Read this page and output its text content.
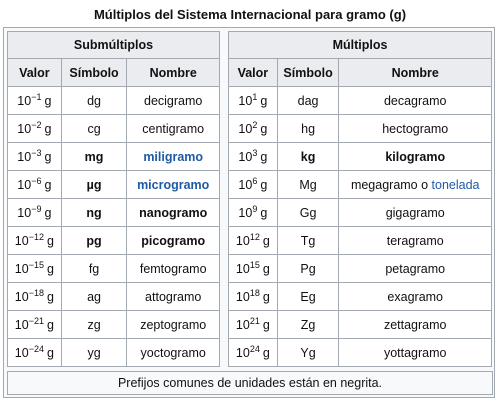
Múltiplos del Sistema Internacional para gramo (g)
Submúltiplos		
Valor	Símbolo	Nombre
$10^{-1}$ g	dg	decigramo
$10^{-2}$ g	cg	centigramo
$10^{-3}$ g	mg	miligramo
$10^{-6}$ g	µg	microgramo
$10^{-9}$ g	ng	nanogramo
$10^{-12}$ g	pg	picogramo
$10^{-15}$ g	fg	femtogramo
$10^{-18}$ g	ag	attogramo
$10^{-21}$ g	zg	zeptogramo
$10^{-24}$ g	yg	yoctogramo
Múltiplos		
Valor	Símbolo	Nombre
$10^1$ g	dag	decagramo
$10^2$ g	hg	hectogramo
$10^3$ g	kg	kilogramo
$10^6$ g	Mg	megagramo o tonelada
$10^9$ g	Gg	gigagramo
$10^{12}$ g	Tg	teragramo
$10^{15}$ g	Pg	petagramo
$10^{18}$ g	Eg	exagramo
$10^{21}$ g	Zg	zettagramo
$10^{24}$ g	Yg	yottagramo
Prefijos comunes de unidades están en negrita.
